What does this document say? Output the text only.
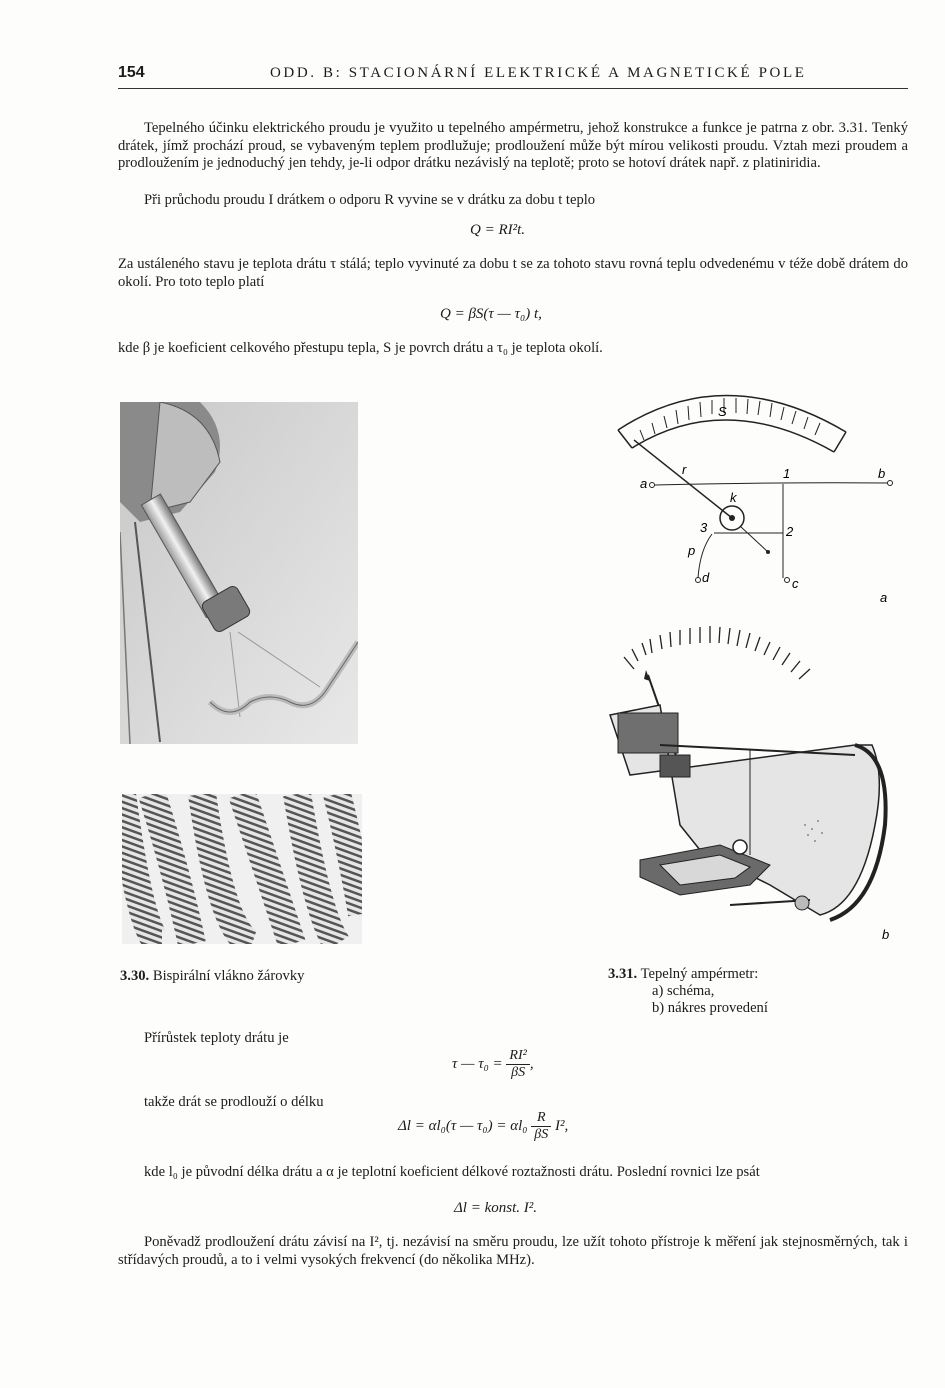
154	ODD. B: STACIONÁRNÍ ELEKTRICKÉ A MAGNETICKÉ POLE
Tepelného účinku elektrického proudu je využito u tepelného ampérmetru, jehož konstrukce a funkce je patrna z obr. 3.31. Tenký drátek, jímž prochází proud, se vybaveným teplem prodlužuje; prodloužení může být mírou velikosti proudu. Vztah mezi proudem a prodloužením je jednoduchý jen tehdy, je-li odpor drátku nezávislý na teplotě; proto se hotoví drátek např. z platiniridia.
Při průchodu proudu I drátkem o odporu R vyvine se v drátku za dobu t teplo
Q = RI²t.
Za ustáleného stavu je teplota drátu τ stálá; teplo vyvinuté za dobu t se za tohoto stavu rovná teplu odvedenému v téže době drátem do okolí. Pro toto teplo platí
Q = βS(τ — τ₀) t,
kde β je koeficient celkového přestupu tepla, S je povrch drátu a τ₀ je teplota okolí.
3.30. Bispirální vlákno žárovky
S
r
a
b
1
k
3	2
c
p
d
a
b
3.31. Tepelný ampérmetr:
a) schéma,
b) nákres provedení
Přírůstek teploty drátu je
τ — $\tau_0 = \frac{\text{RI²}}{\beta S}$ ,
takže drát se prodlouží o délku
Δl = αl₀(τ — $\tau_0) = \alpha l_0 \frac{R}{\beta S} I^2$,
kde l₀ je původní délka drátu a α je teplotní koeficient délkové roztažnosti drátu. Poslední rovnici lze psát
Δl = konst. I².
Poněvadž prodloužení drátu závisí na I², tj. nezávisí na směru proudu, lze užít tohoto přístroje k měření jak stejnosměrných, tak i střídavých proudů, a to i velmi vysokých frekvencí (do několika MHz).
